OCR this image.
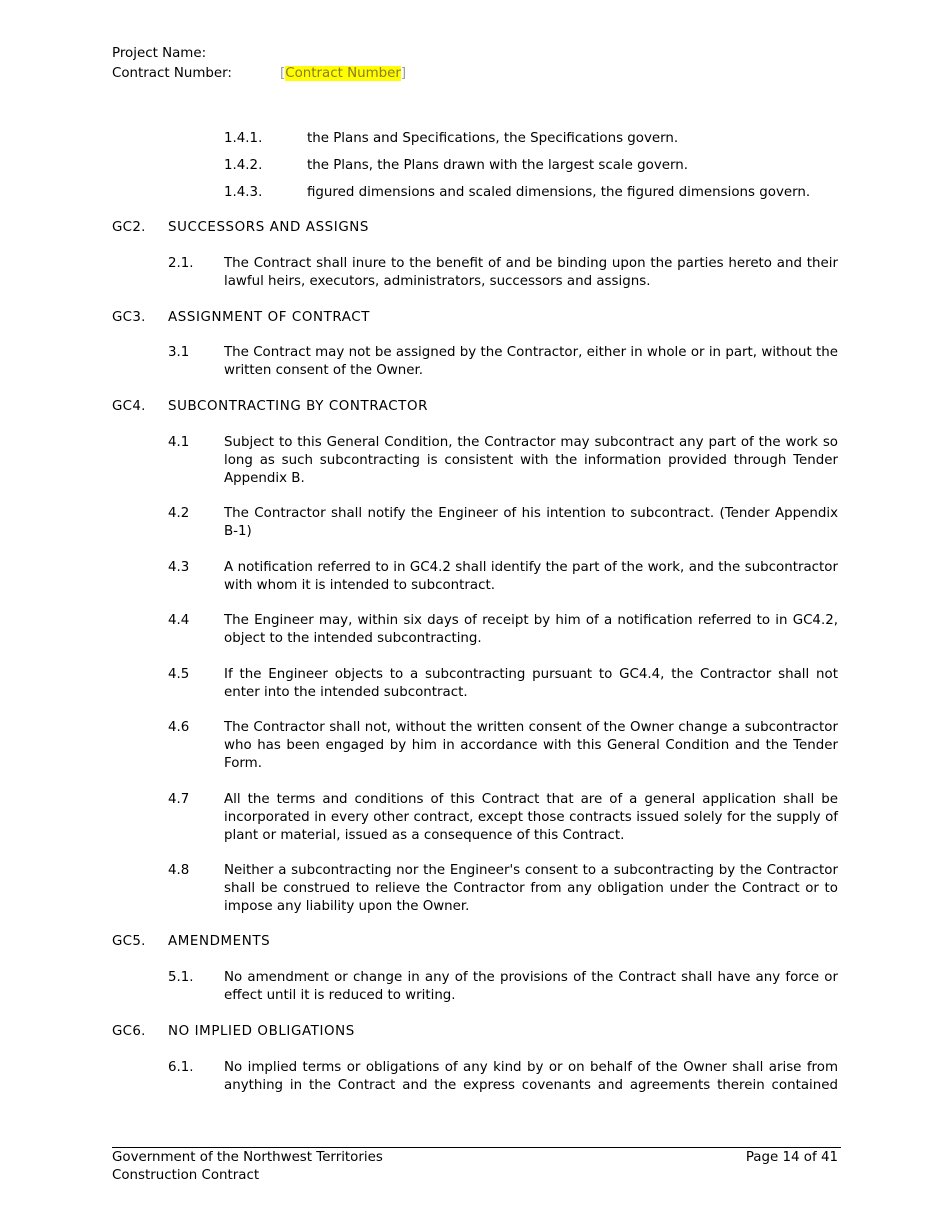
Project Name:
Contract Number:	[Contract Number]
1.4.1.	the Plans and Specifications, the Specifications govern.
1.4.2.	the Plans, the Plans drawn with the largest scale govern.
1.4.3.	figured dimensions and scaled dimensions, the figured dimensions govern.
GC2. SUCCESSORS AND ASSIGNS
2.1. The Contract shall inure to the benefit of and be binding upon the parties hereto and their lawful heirs, executors, administrators, successors and assigns.
GC3. ASSIGNMENT OF CONTRACT
3.1	The Contract may not be assigned by the Contractor, either in whole or in part, without the written consent of the Owner.
GC4. SUBCONTRACTING BY CONTRACTOR
4.1	Subject to this General Condition, the Contractor may subcontract any part of the work so long as such subcontracting is consistent with the information provided through Tender Appendix B.
4.2	The Contractor shall notify the Engineer of his intention to subcontract. (Tender Appendix B-1)
4.3	A notification referred to in GC4.2 shall identify the part of the work, and the subcontractor with whom it is intended to subcontract.
4.4	The Engineer may, within six days of receipt by him of a notification referred to in GC4.2, object to the intended subcontracting.
4.5	If the Engineer objects to a subcontracting pursuant to GC4.4, the Contractor shall not enter into the intended subcontract.
4.6	The Contractor shall not, without the written consent of the Owner change a subcontractor who has been engaged by him in accordance with this General Condition and the Tender Form.
4.7	All the terms and conditions of this Contract that are of a general application shall be incorporated in every other contract, except those contracts issued solely for the supply of plant or material, issued as a consequence of this Contract.
4.8	Neither a subcontracting nor the Engineer's consent to a subcontracting by the Contractor shall be construed to relieve the Contractor from any obligation under the Contract or to impose any liability upon the Owner.
GC5. AMENDMENTS
5.1. No amendment or change in any of the provisions of the Contract shall have any force or effect until it is reduced to writing.
GC6. NO IMPLIED OBLIGATIONS
6.1. No implied terms or obligations of any kind by or on behalf of the Owner shall arise from anything in the Contract and the express covenants and agreements therein contained
Government of the Northwest Territories
Construction Contract
Page 14 of 41
